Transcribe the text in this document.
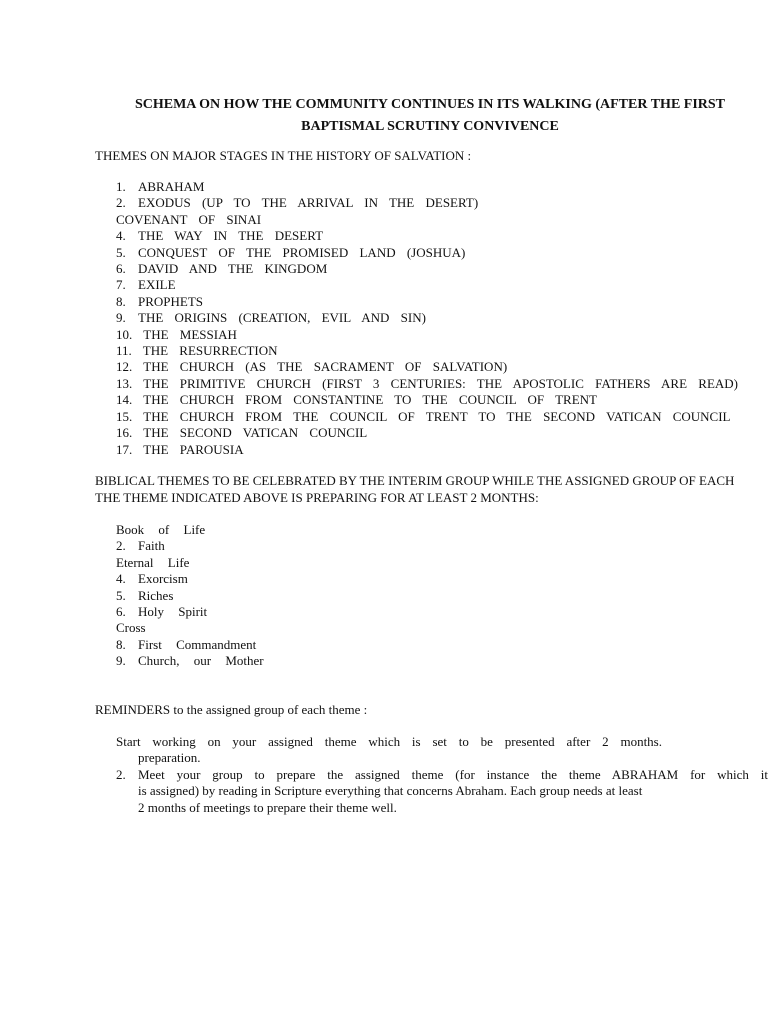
SCHEMA ON HOW THE COMMUNITY CONTINUES IN ITS WALKING (AFTER THE FIRST
BAPTISMAL SCRUTINY CONVIVENCE
THEMES ON MAJOR STAGES IN THE HISTORY OF SALVATION :
1. ABRAHAM
2. EXODUS (UP TO THE ARRIVAL IN THE DESERT)
COVENANT OF SINAI
4. THE WAY IN THE DESERT
5. CONQUEST OF THE PROMISED LAND (JOSHUA)
6. DAVID AND THE KINGDOM
7. EXILE
8. PROPHETS
9. THE ORIGINS (CREATION, EVIL AND SIN)
10. THE MESSIAH
11. THE RESURRECTION
12. THE CHURCH (AS THE SACRAMENT OF SALVATION)
13. THE PRIMITIVE CHURCH (FIRST 3 CENTURIES: THE APOSTOLIC FATHERS ARE READ)
14. THE CHURCH FROM CONSTANTINE TO THE COUNCIL OF TRENT
15. THE CHURCH FROM THE COUNCIL OF TRENT TO THE SECOND VATICAN COUNCIL
16. THE SECOND VATICAN COUNCIL
17. THE PAROUSIA
BIBLICAL THEMES TO BE CELEBRATED BY THE INTERIM GROUP WHILE THE ASSIGNED GROUP OF EACH
THE THEME INDICATED ABOVE IS PREPARING FOR AT LEAST 2 MONTHS:
Book of Life
2. Faith
Eternal Life
4. Exorcism
5. Riches
6. Holy Spirit
Cross
8. First Commandment
9. Church, our Mother
REMINDERS to the assigned group of each theme :
Start working on your assigned theme which is set to be presented after 2 months.
preparation.
2. Meet your group to prepare the assigned theme (for instance the theme ABRAHAM for which it
is assigned) by reading in Scripture everything that concerns Abraham. Each group needs at least
2 months of meetings to prepare their theme well.
